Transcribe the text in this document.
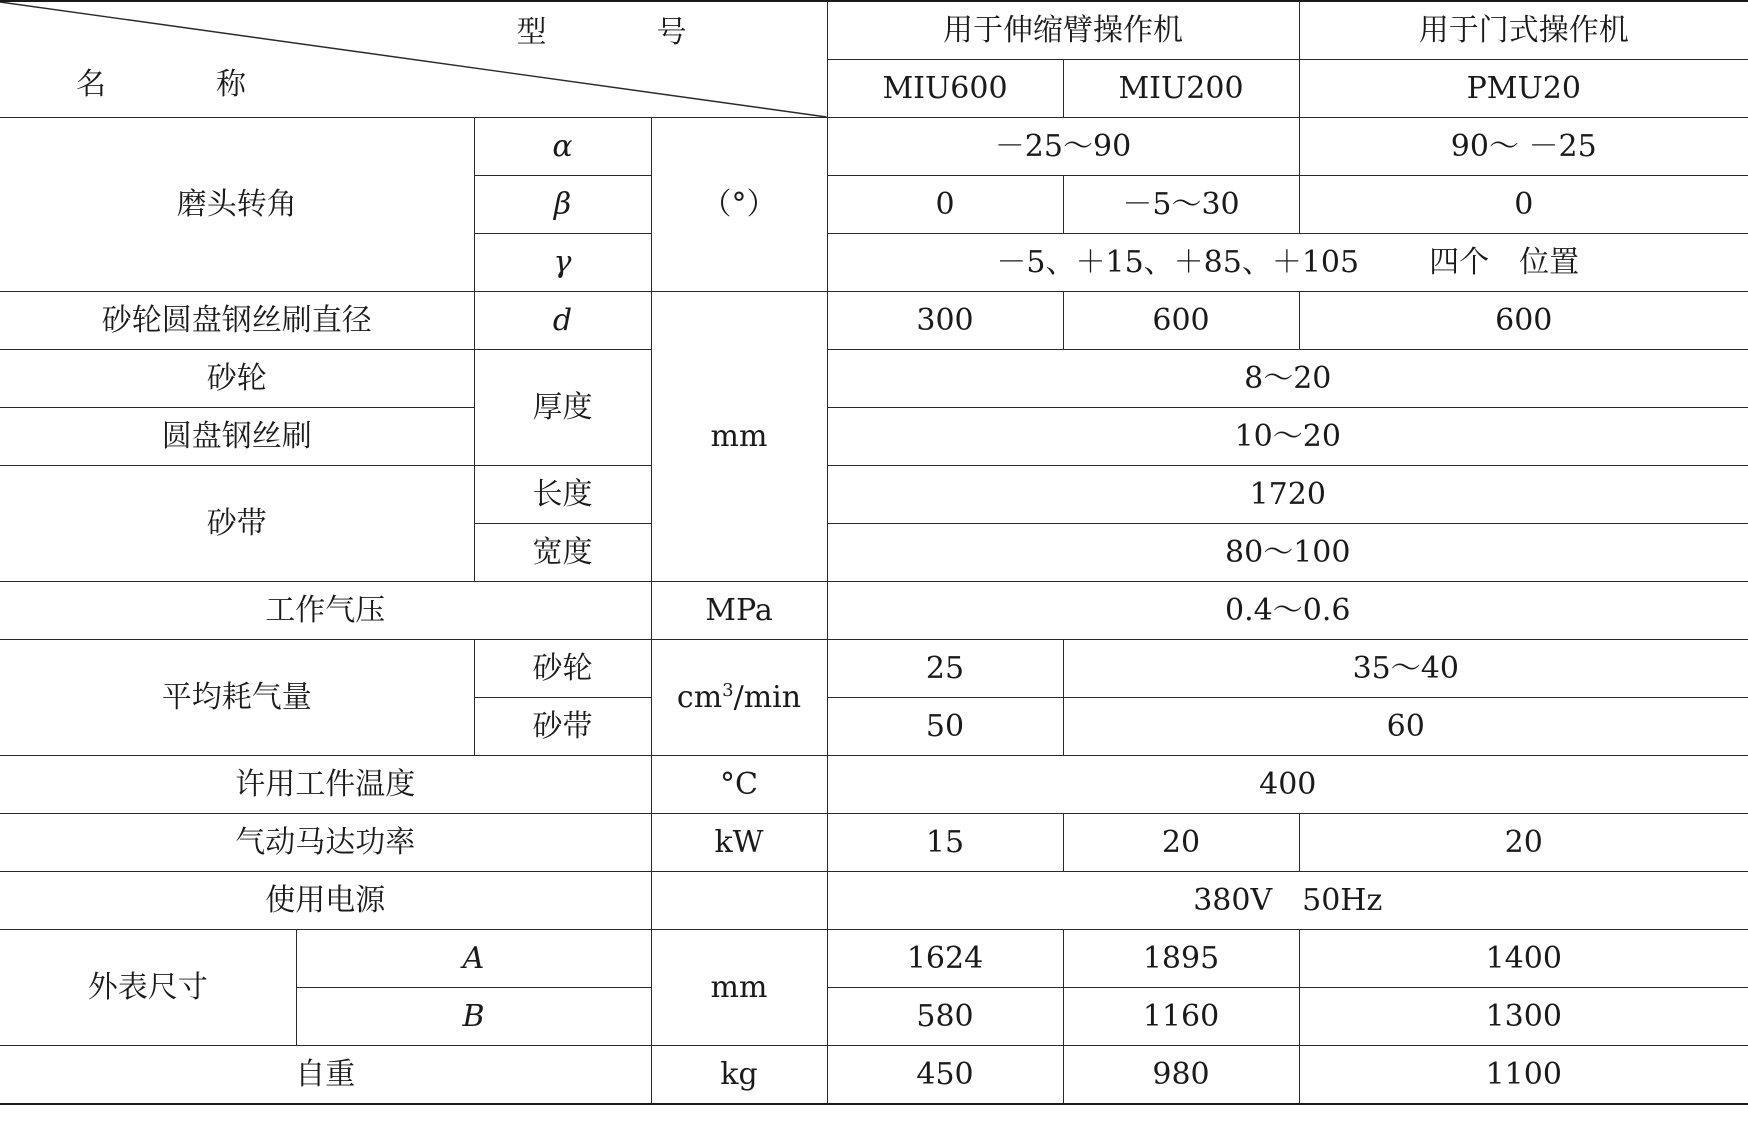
型　号
名　称				用于伸缩臂操作机		用于门式操作机
				MIU600	MIU200	PMU20
磨头转角		α	（°）	－25～90		90～ －25
		β		0	－5～30	0
		γ		－5、＋15、＋85、＋105 四个　位置		
砂轮圆盘钢丝刷直径		d	mm	300	600	600
砂轮		厚度		8～20		
圆盘钢丝刷				10～20		
砂带		长度		1720		
		宽度		80～100		
工作气压			MPa	0.4～0.6		
平均耗气量		砂轮	$cm^3/\min$	25	35～40	
		砂带		50	60	
许用工件温度			°C	400		
气动马达功率			kW	15	20	20
使用电源				380V　50Hz		
外表尺寸	A		mm	1624	1895	1400
	B			580	1160	1300
自重			kg	450	980	1100
